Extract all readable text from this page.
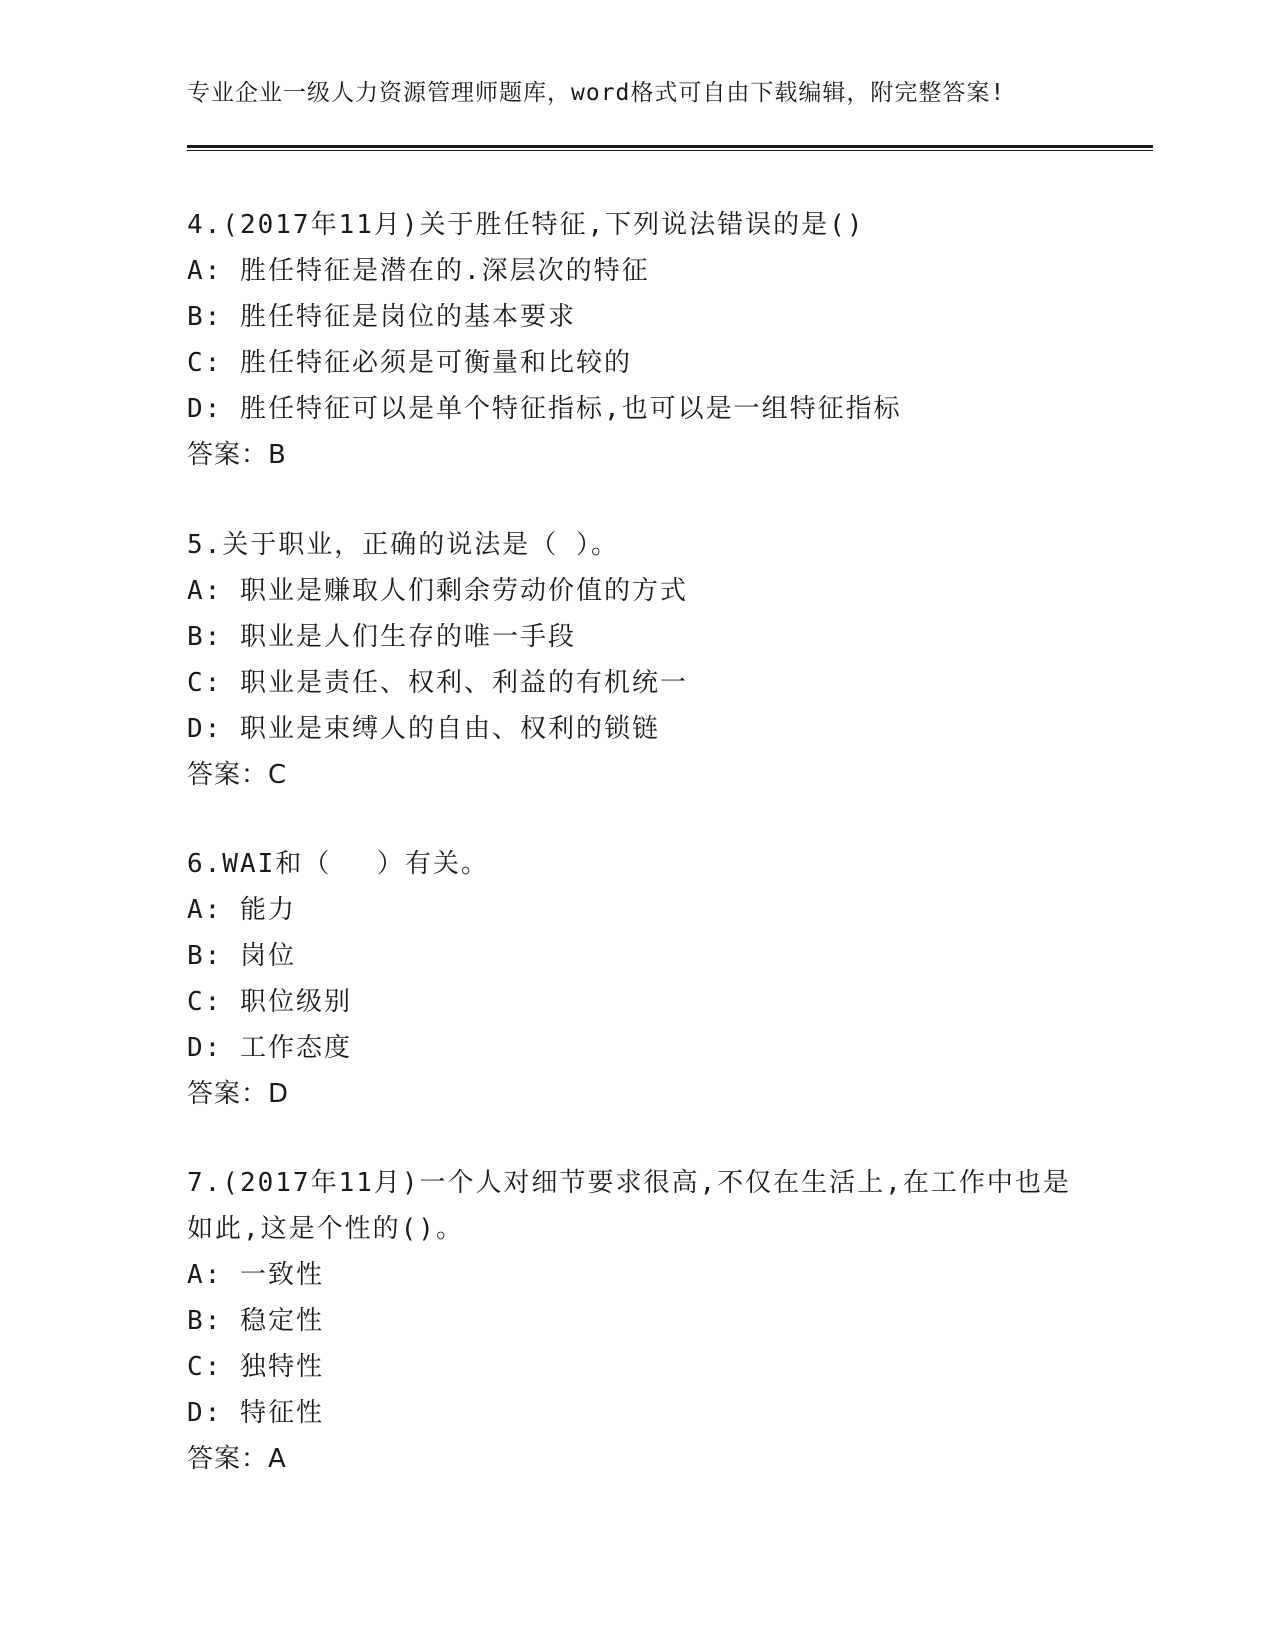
专业企业一级人力资源管理师题库，word格式可自由下载编辑，附完整答案!
4.(2017年11月)关于胜任特征,下列说法错误的是()
A: 胜任特征是潜在的.深层次的特征
B: 胜任特征是岗位的基本要求
C: 胜任特征必须是可衡量和比较的
D: 胜任特征可以是单个特征指标,也可以是一组特征指标
答案：B
5.关于职业，正确的说法是（ ）。
A: 职业是赚取人们剩余劳动价值的方式
B: 职业是人们生存的唯一手段
C: 职业是责任、权利、利益的有机统一
D: 职业是束缚人的自由、权利的锁链
答案：C
6.WAI和（　 ）有关。
A: 能力
B: 岗位
C: 职位级别
D: 工作态度
答案：D
7.(2017年11月)一个人对细节要求很高,不仅在生活上,在工作中也是
如此,这是个性的()。
A: 一致性
B: 稳定性
C: 独特性
D: 特征性
答案：A
